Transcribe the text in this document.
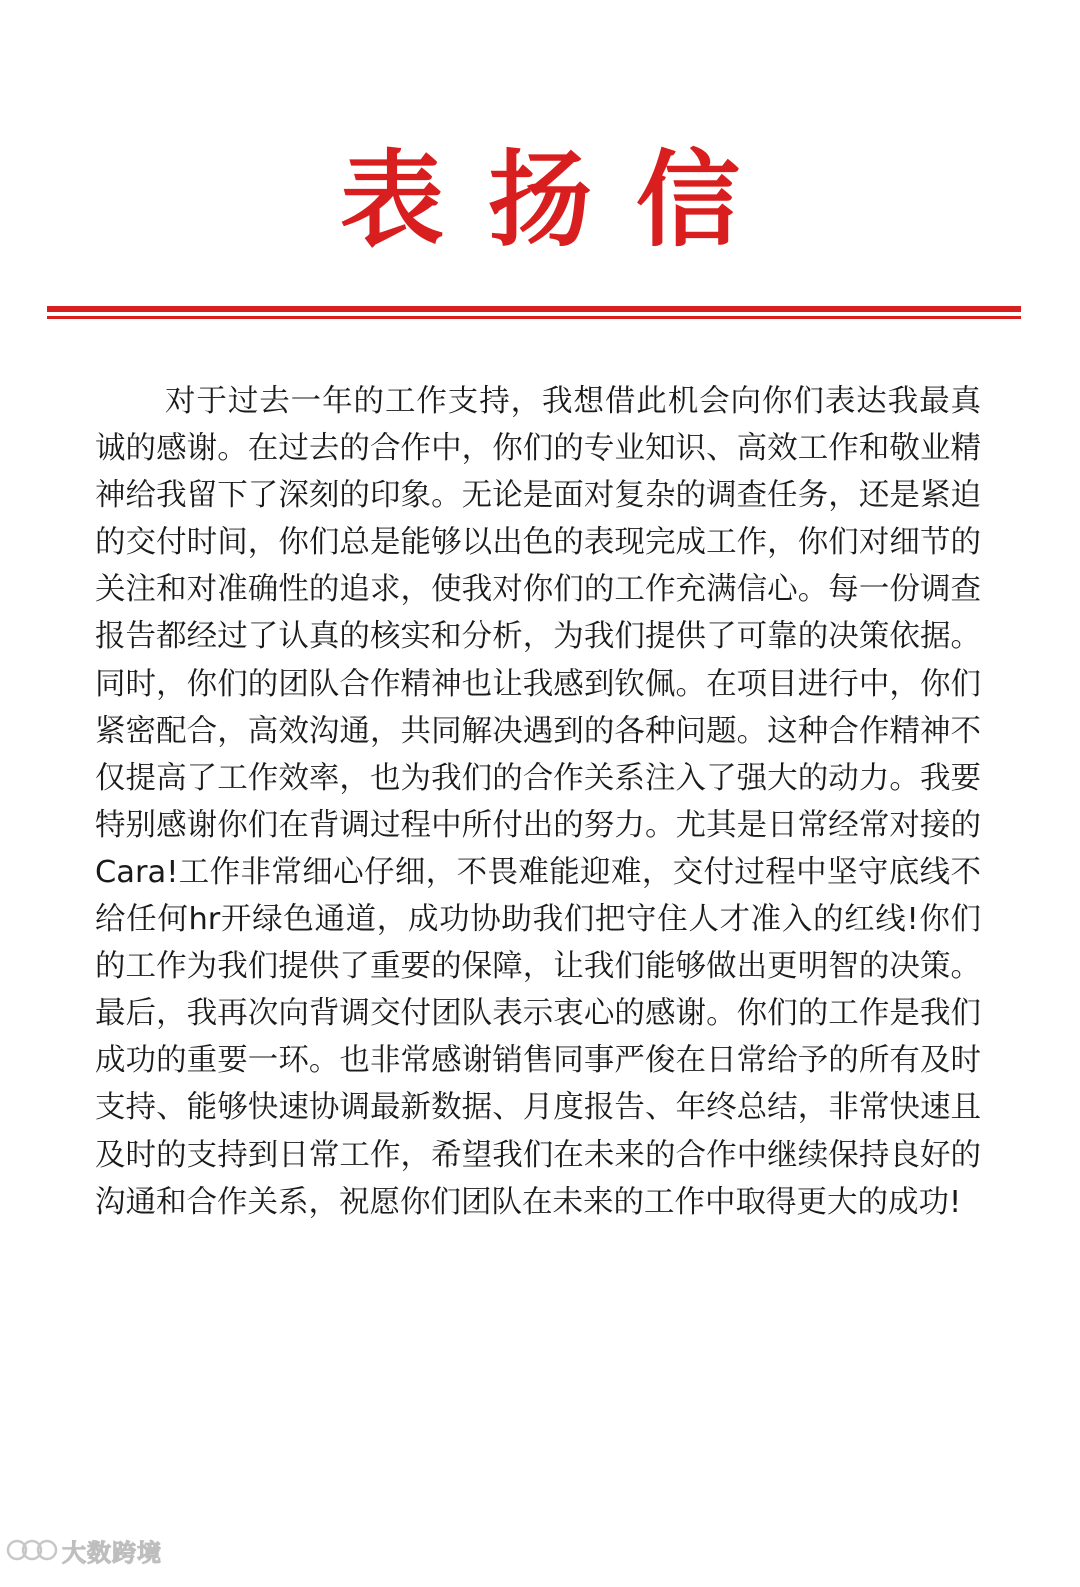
表扬信

对于过去一年的工作支持，我想借此机会向你们表达我最真诚的感谢。在过去的合作中，你们的专业知识、高效工作和敬业精神给我留下了深刻的印象。无论是面对复杂的调查任务，还是紧迫的交付时间，你们总是能够以出色的表现完成工作，你们对细节的关注和对准确性的追求，使我对你们的工作充满信心。每一份调查报告都经过了认真的核实和分析，为我们提供了可靠的决策依据。同时，你们的团队合作精神也让我感到钦佩。在项目进行中，你们紧密配合，高效沟通，共同解决遇到的各种问题。这种合作精神不仅提高了工作效率，也为我们的合作关系注入了强大的动力。我要特别感谢你们在背调过程中所付出的努力。尤其是日常经常对接的Cara!工作非常细心仔细，不畏难能迎难，交付过程中坚守底线不给任何hr开绿色通道，成功协助我们把守住人才准入的红线!你们的工作为我们提供了重要的保障，让我们能够做出更明智的决策。最后，我再次向背调交付团队表示衷心的感谢。你们的工作是我们成功的重要一环。也非常感谢销售同事严俊在日常给予的所有及时支持、能够快速协调最新数据、月度报告、年终总结，非常快速且及时的支持到日常工作，希望我们在未来的合作中继续保持良好的沟通和合作关系，祝愿你们团队在未来的工作中取得更大的成功!

大数跨境
